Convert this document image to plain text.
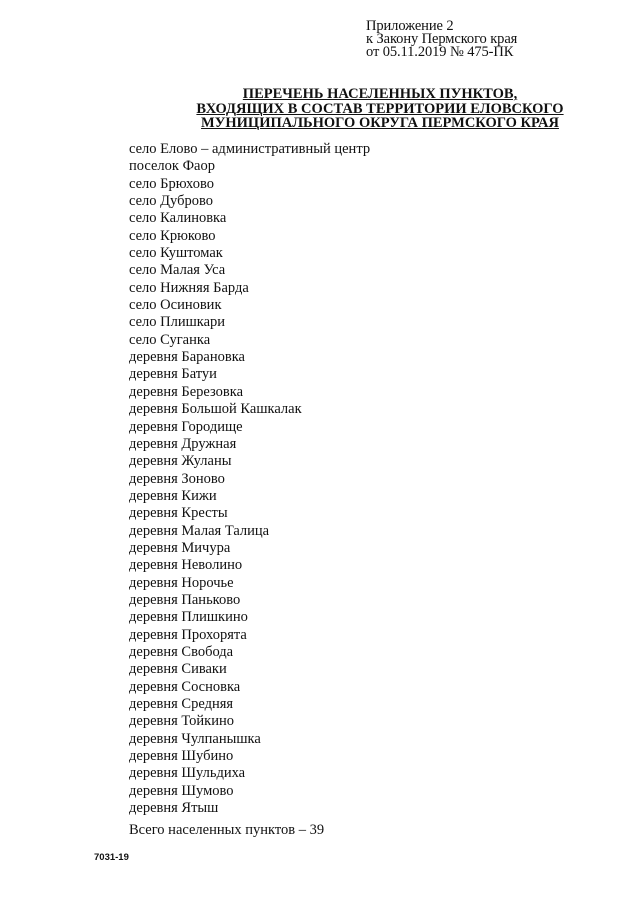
Приложение 2
к Закону Пермского края
от 05.11.2019 № 475-ПК
ПЕРЕЧЕНЬ НАСЕЛЕННЫХ ПУНКТОВ,
ВХОДЯЩИХ В СОСТАВ ТЕРРИТОРИИ ЕЛОВСКОГО
МУНИЦИПАЛЬНОГО ОКРУГА ПЕРМСКОГО КРАЯ
село Елово – административный центр
поселок Фаор
село Брюхово
село Дуброво
село Калиновка
село Крюково
село Куштомак
село Малая Уса
село Нижняя Барда
село Осиновик
село Плишкари
село Суганка
деревня Барановка
деревня Батуи
деревня Березовка
деревня Большой Кашкалак
деревня Городище
деревня Дружная
деревня Жуланы
деревня Зоново
деревня Кижи
деревня Кресты
деревня Малая Талица
деревня Мичура
деревня Неволино
деревня Норочье
деревня Паньково
деревня Плишкино
деревня Прохорята
деревня Свобода
деревня Сиваки
деревня Сосновка
деревня Средняя
деревня Тойкино
деревня Чулпанышка
деревня Шубино
деревня Шульдиха
деревня Шумово
деревня Ятыш
Всего населенных пунктов – 39
7031-19
